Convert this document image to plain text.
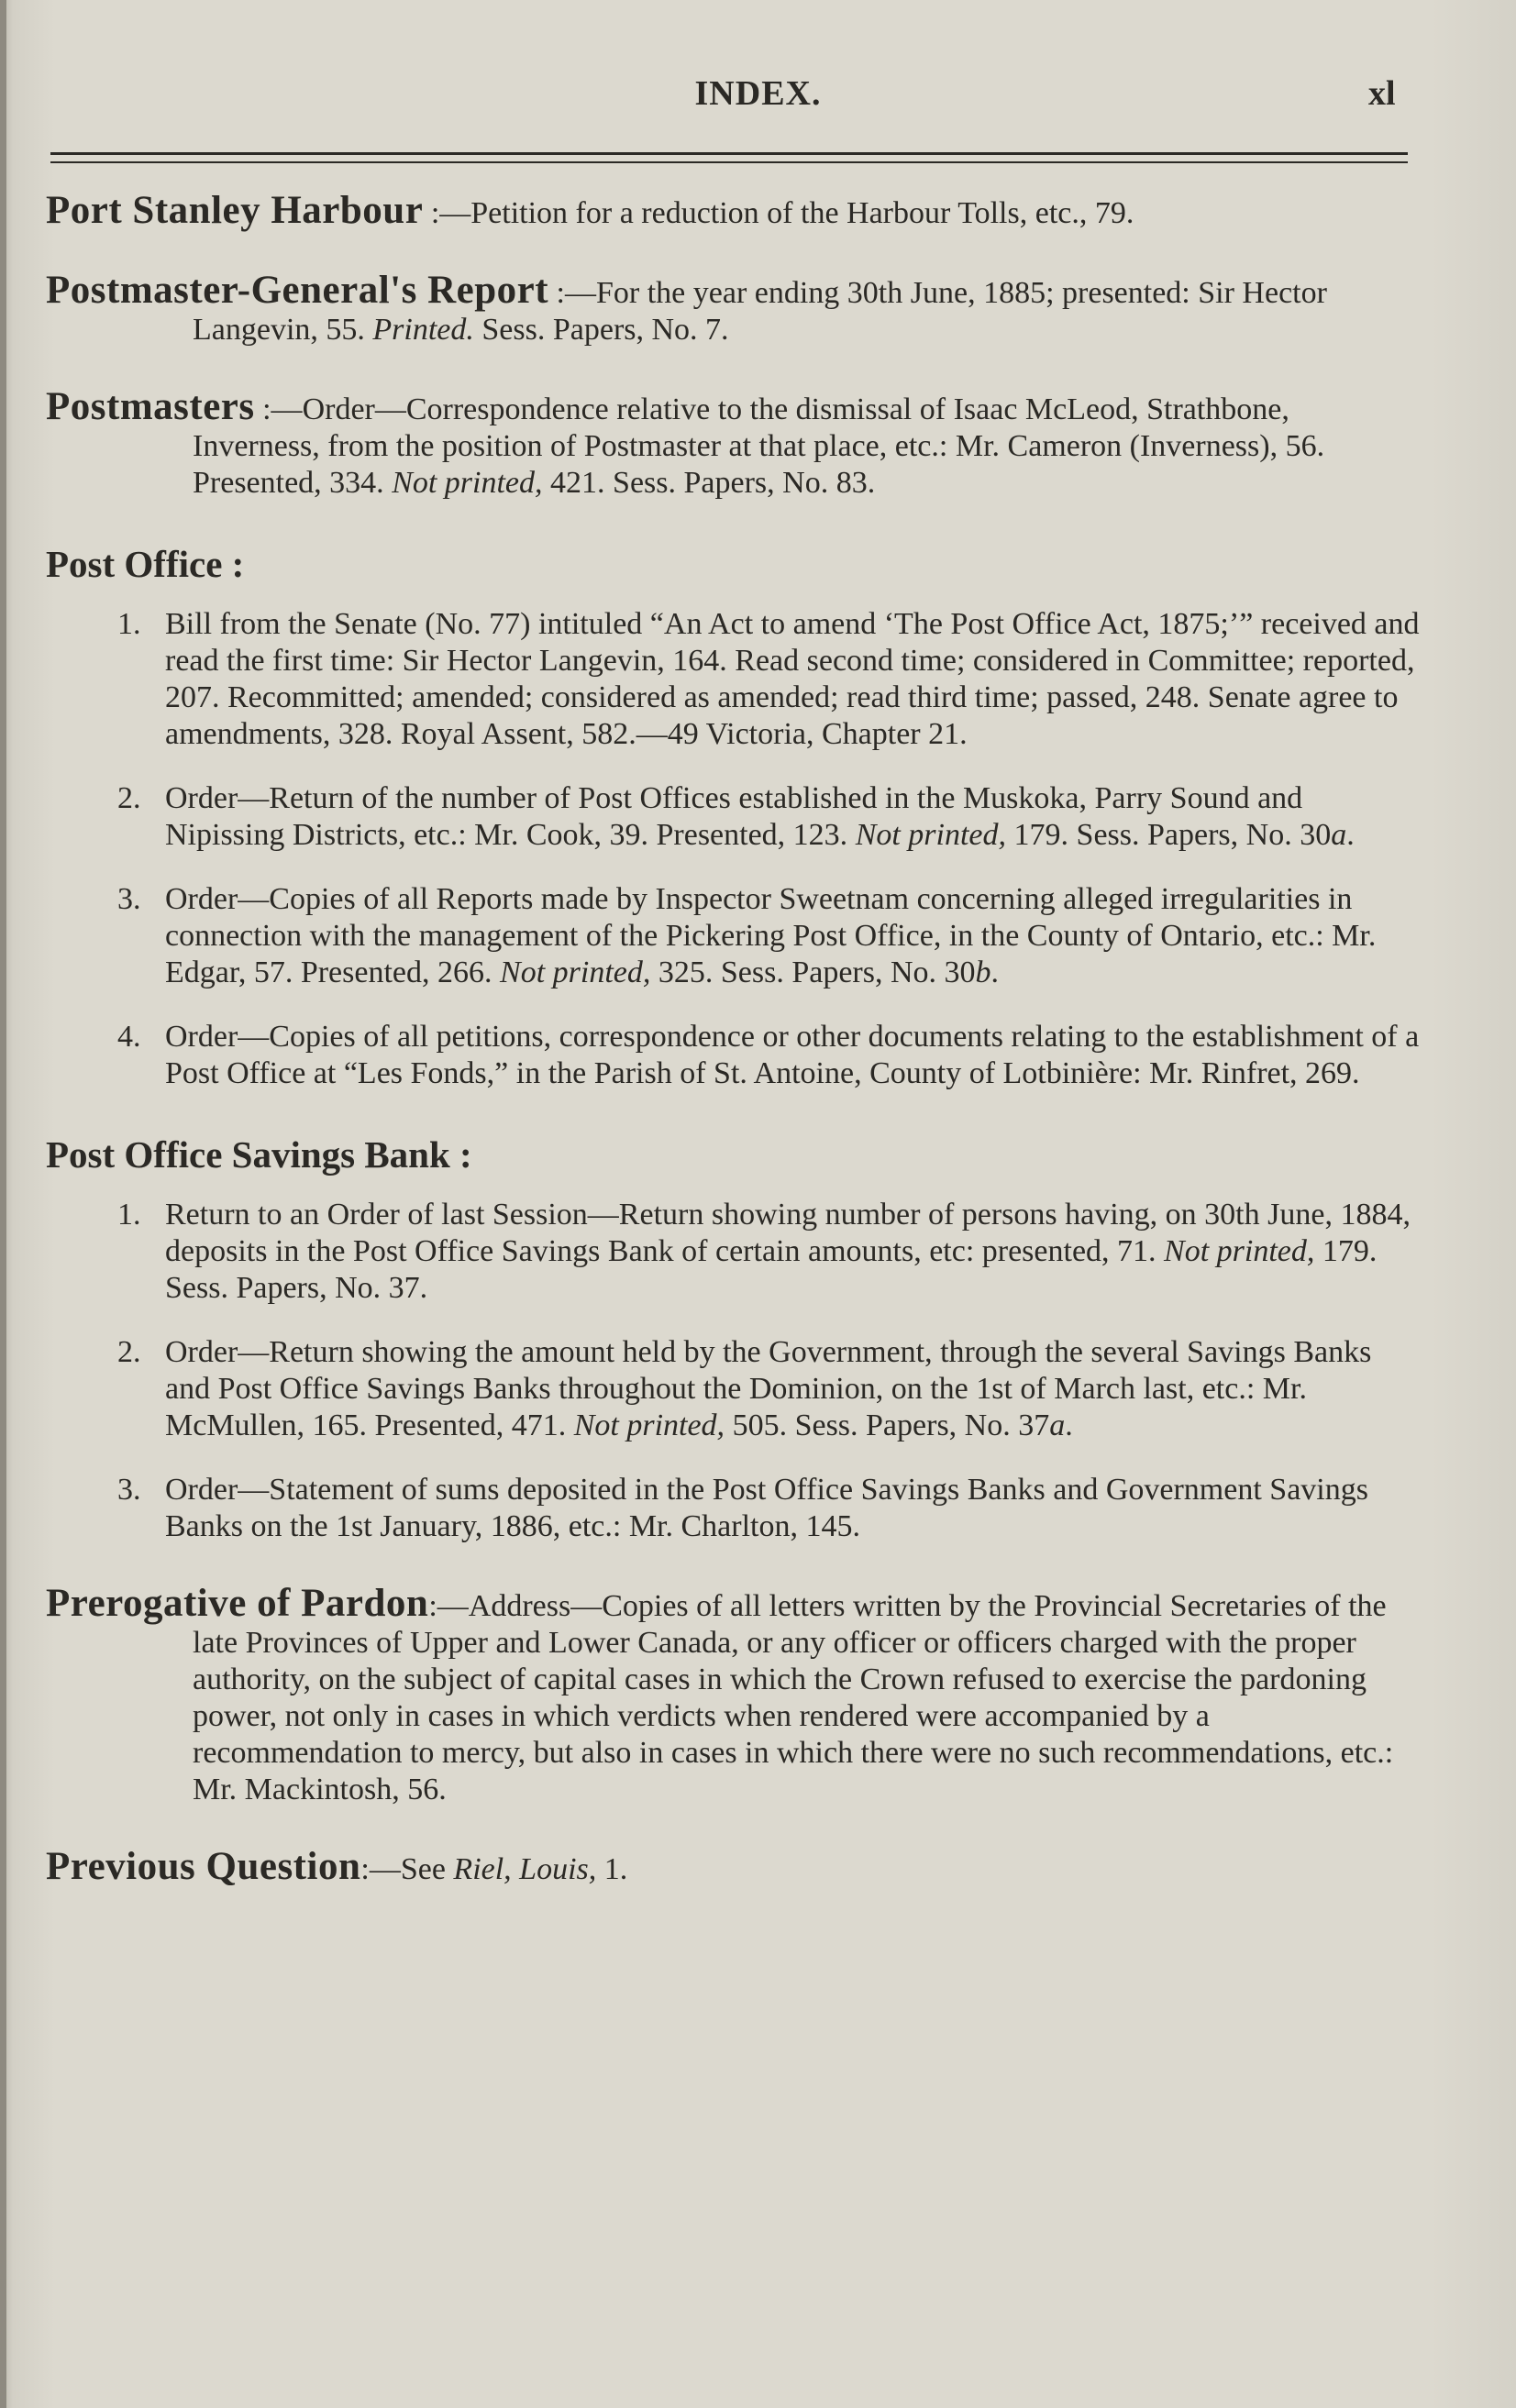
INDEX.	xl

Port Stanley Harbour :—Petition for a reduction of the Harbour Tolls, etc., 79.

Postmaster-General's Report :—For the year ending 30th June, 1885; presented: Sir Hector Langevin, 55. Printed. Sess. Papers, No. 7.

Postmasters :—Order—Correspondence relative to the dismissal of Isaac McLeod, Strathbone, Inverness, from the position of Postmaster at that place, etc.: Mr. Cameron (Inverness), 56. Presented, 334. Not printed, 421. Sess. Papers, No. 83.

Post Office :
1. Bill from the Senate (No. 77) intituled “An Act to amend ‘The Post Office Act, 1875;’” received and read the first time: Sir Hector Langevin, 164. Read second time; considered in Committee; reported, 207. Recommitted; amended; considered as amended; read third time; passed, 248. Senate agree to amendments, 328. Royal Assent, 582.—49 Victoria, Chapter 21.
2. Order—Return of the number of Post Offices established in the Muskoka, Parry Sound and Nipissing Districts, etc.: Mr. Cook, 39. Presented, 123. Not printed, 179. Sess. Papers, No. 30a.
3. Order—Copies of all Reports made by Inspector Sweetnam concerning alleged irregularities in connection with the management of the Pickering Post Office, in the County of Ontario, etc.: Mr. Edgar, 57. Presented, 266. Not printed, 325. Sess. Papers, No. 30b.
4. Order—Copies of all petitions, correspondence or other documents relating to the establishment of a Post Office at “Les Fonds,” in the Parish of St. Antoine, County of Lotbinière: Mr. Rinfret, 269.
Post Office Savings Bank :
1. Return to an Order of last Session—Return showing number of persons having, on 30th June, 1884, deposits in the Post Office Savings Bank of certain amounts, etc: presented, 71. Not printed, 179. Sess. Papers, No. 37.
2. Order—Return showing the amount held by the Government, through the several Savings Banks and Post Office Savings Banks throughout the Dominion, on the 1st of March last, etc.: Mr. McMullen, 165. Presented, 471. Not printed, 505. Sess. Papers, No. 37a.
3. Order—Statement of sums deposited in the Post Office Savings Banks and Government Savings Banks on the 1st January, 1886, etc.: Mr. Charlton, 145.

Prerogative of Pardon:—Address—Copies of all letters written by the Provincial Secretaries of the late Provinces of Upper and Lower Canada, or any officer or officers charged with the proper authority, on the subject of capital cases in which the Crown refused to exercise the pardoning power, not only in cases in which verdicts when rendered were accompanied by a recommendation to mercy, but also in cases in which there were no such recommendations, etc.: Mr. Mackintosh, 56.

Previous Question:—See Riel, Louis, 1.
